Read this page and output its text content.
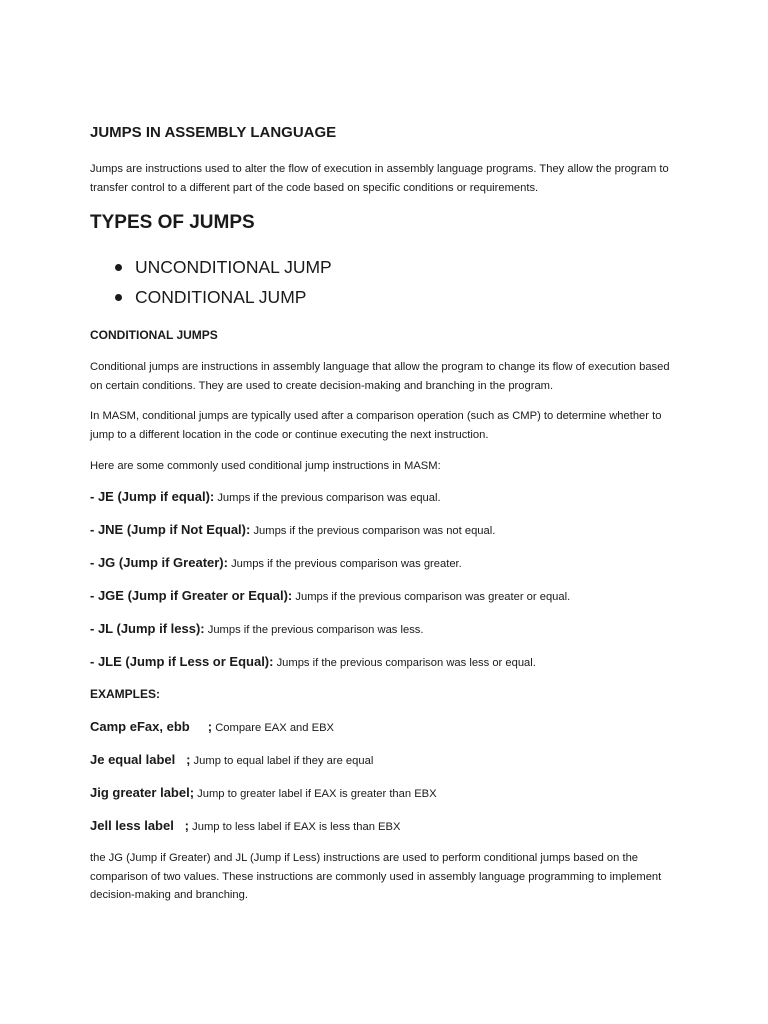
JUMPS IN ASSEMBLY LANGUAGE
Jumps are instructions used to alter the flow of execution in assembly language programs. They allow the program to transfer control to a different part of the code based on specific conditions or requirements.
TYPES OF JUMPS
UNCONDITIONAL JUMP
CONDITIONAL JUMP
CONDITIONAL JUMPS
Conditional jumps are instructions in assembly language that allow the program to change its flow of execution based on certain conditions. They are used to create decision-making and branching in the program.
In MASM, conditional jumps are typically used after a comparison operation (such as CMP) to determine whether to jump to a different location in the code or continue executing the next instruction.
Here are some commonly used conditional jump instructions in MASM:
- JE (Jump if equal): Jumps if the previous comparison was equal.
- JNE (Jump if Not Equal): Jumps if the previous comparison was not equal.
- JG (Jump if Greater): Jumps if the previous comparison was greater.
- JGE (Jump if Greater or Equal): Jumps if the previous comparison was greater or equal.
- JL (Jump if less): Jumps if the previous comparison was less.
- JLE (Jump if Less or Equal): Jumps if the previous comparison was less or equal.
EXAMPLES:
Camp eFax, ebb     ; Compare EAX and EBX
Je equal label   ; Jump to equal label if they are equal
Jig greater label; Jump to greater label if EAX is greater than EBX
Jell less label   ; Jump to less label if EAX is less than EBX
the JG (Jump if Greater) and JL (Jump if Less) instructions are used to perform conditional jumps based on the comparison of two values. These instructions are commonly used in assembly language programming to implement decision-making and branching.
